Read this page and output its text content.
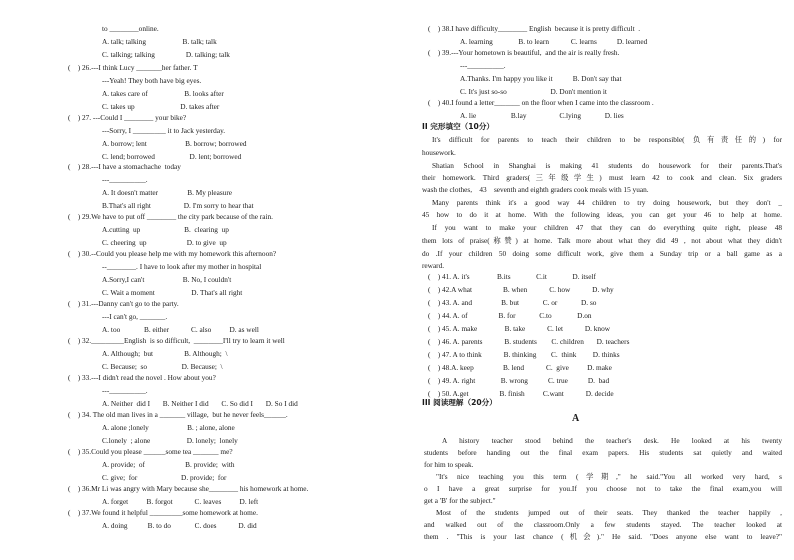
to ________online.
A. talk; talking                    B. talk; talk
C. talking; talking                 D. talking; talk
(    ) 26.---I think Lucy _______her father. T
---Yeah! They both have big eyes.
A. takes care of                    B. looks after
C. takes up                         D. takes after
(    ) 27. ---Could I ________ your bike?
---Sorry, I _________ it to Jack yesterday.
A. borrow; lent                     B. borrow; borrowed
C. lend; borrowed                   D. lent; borrowed
(    ) 28.---I have a stomachache  today
---__________.
A. It doesn't matter                B. My pleasure
B.That's all right                  D. I'm sorry to hear that
(    ) 29.We have to put off ________ the city park because of the rain.
A.cutting  up                        B.  clearing  up
C. cheering  up                      D. to give  up
(    ) 30.--Could you please help me with my homework this afternoon?
--________. I have to look after my mother in hospital
A.Sorry,I can't                     B. No, I couldn't
C. Wait a moment                    D. That's all right
(    ) 31.---Danny can't go to the party.
---I can't go, _______.
A. too             B. either            C. also          D. as well
(    ) 32._________English  is so difficult,  ________I'll try to learn it well
A. Although;  but                 B. Although;  \
C. Because;  so                   D. Because;  \
(    ) 33.---I didn't read the novel . How about you?
---__________.
A. Neither  did I       B. Neither I did       C. So did I       D. So I did
(    ) 34. The old man lives in a _______ village,  but he never feels______.
A. alone ;lonely                     B. ; alone, alone
C.lonely  ; alone                    D. lonely;  lonely
(    ) 35.Could you please ______some tea _______ me?
A. provide;  of                      B. provide;  with
C. give;  for                        D. provide;  for
(    ) 36.Mr Li was angry with Mary because she________ his homework at home.
A. forget          B. forgot            C. leaves          D. left
(    ) 37.We found it helpful _________some homework at home.
A. doing           B. to do             C. does            D. did
(    ) 38.I have difficulty________ English  because it is pretty difficult  .
A. learning              B. to learn            C. learns           D. learned
(    ) 39.---Your hometown is beautiful,  and the air is really fresh.
---__________.
A.Thanks. I'm happy you like it           B. Don't say that
C. It's just so-so                        D. Don't mention it
(    ) 40.I found a letter_______ on the floor when I came into the classroom .
A. lie                   B.lay                  C.lying             D. lies
II 完形填空（10分）
It's difficult for parents to teach their children to be responsible( 负有责任的) for
housework.
Shatian School in Shanghai is making 41 students do housework for their parents.That's
their homework. Third graders(三年级学生) must learn 42 to cook and clean. Six graders
wash the clothes,    43    seventh and eighth graders cook meals with 15 yuan.
Many parents think it's a good way 44 children to try doing housework, but they don't _
45 how to do it at home. With the following ideas, you can get your 46 to help at home.
If you want to make your children 47 that they can do everything quite right, please 48
them lots of praise(称赞) at home. Talk more about what they did 49 , not about what they didn't
do .If your children 50 doing some difficult work, give them a Sunday trip or a ball game as a
reward.
(    ) 41. A. it's               B.its              C.it              D. itself
(    ) 42.A what                 B. when            C. how            D. why
(    ) 43. A. and                B. but             C. or             D. so
(    ) 44. A. of                 B. for             C.to              D.on
(    ) 45. A. make               B. take            C. let            D. know
(    ) 46. A. parents            B. students        C. children       D. teachers
(    ) 47. A to think            B. thinking        C.  think         D. thinks
(    ) 48.A. keep                B. lend            C.  give          D. make
(    ) 49. A. right              B. wrong           C. true           D.  bad
(    ) 50. A.get                 B. finish          C.want            D. decide
III 阅读理解（20分）
A
A history teacher stood behind the teacher's desk. He looked at his twenty
students before handing out the final exam papers. His students sat quietly and waited
for him to speak.
"It's nice teaching you this term (学期," he said."You all worked very hard, s
o I have a great surprise for you.If you choose not to take the final exam,you will
get a 'B' for the subject."
Most of the students jumped out of their seats. They thanked the teacher happily ,
and walked out of the classroom.Only a few students stayed. The teacher looked at
them . "This is your last chance (机会)." He said. "Does anyone else want to leave?"
